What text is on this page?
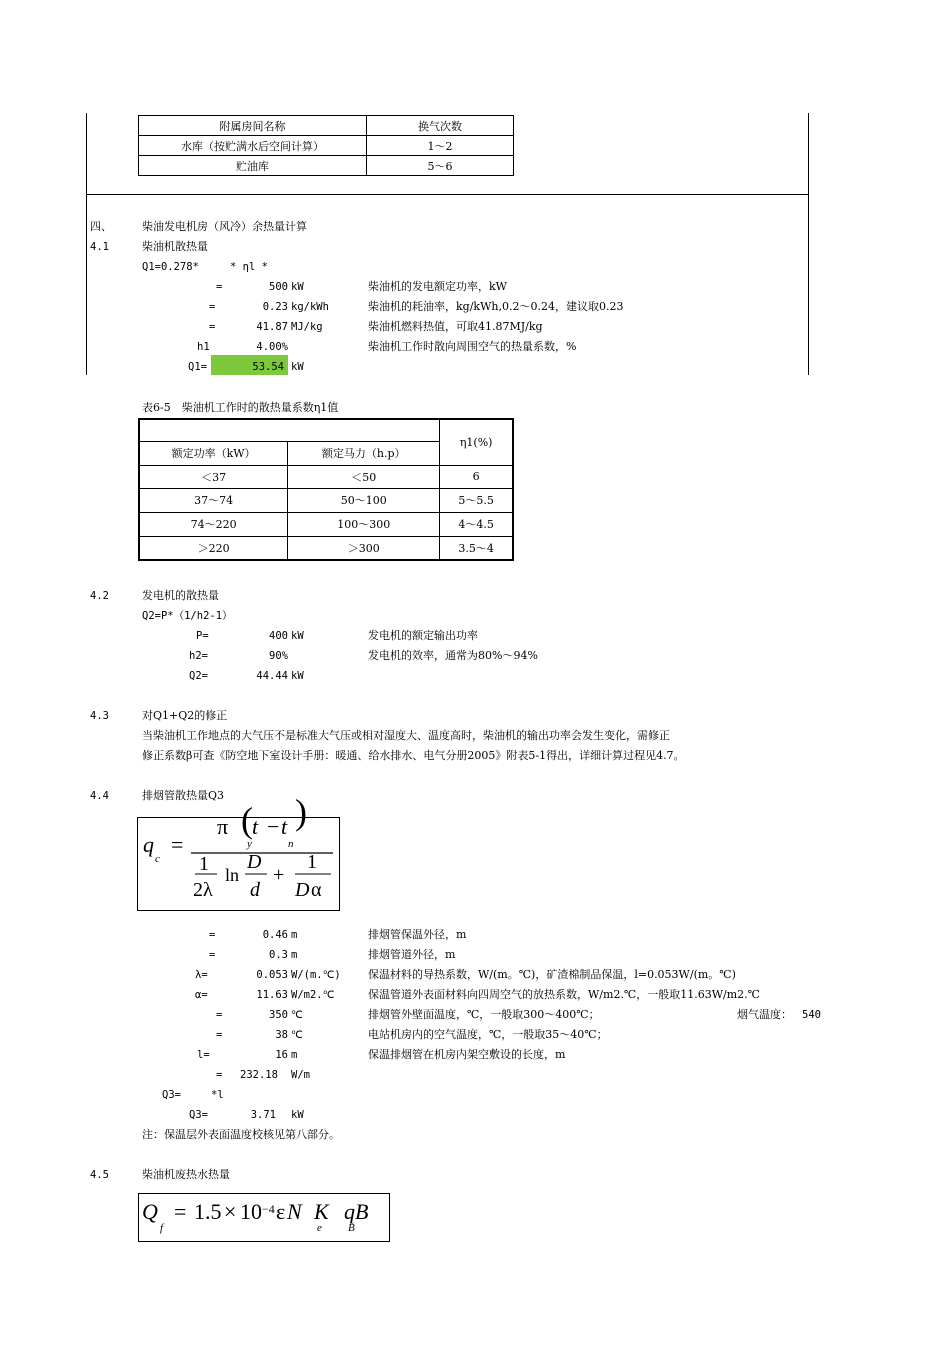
附属房间名称	换气次数
水库（按贮满水后空间计算）	1～2
贮油库	5～6
四、	柴油发电机房（风冷）余热量计算
4.1	柴油机散热量
Q1=0.278*	* ηl *
=	500 kW	柴油机的发电额定功率，kW
=	0.23 kg/kWh	柴油机的耗油率，kg/kWh,0.2～0.24，建议取0.23
=	41.87 MJ/kg	柴油机燃料热值，可取41.87MJ/kg
h1	4.00%	柴油机工作时散向周围空气的热量系数，%
Q1=	53.54 kW
表6-5　柴油机工作时的散热量系数η1值
		η1(%)
额定功率（kW）	额定马力（h.p）	
＜37	＜50	6
37～74	50～100	5～5.5
74～220	100～300	4～4.5
＞220	＞300	3.5～4
4.2	发电机的散热量
Q2=P*（1/h2-1）
P=	400 kW	发电机的额定输出功率
h2=	90%	发电机的效率，通常为80%～94%
Q2=	44.44 kW
4.3	对Q1+Q2的修正
当柴油机工作地点的大气压不是标准大气压或相对湿度大、温度高时，柴油机的输出功率会发生变化，需修正
修正系数β可查《防空地下室设计手册：暖通、给水排水、电气分册2005》附表5-1得出，详细计算过程见4.7。
4.4	排烟管散热量Q3
q
c
=
π ( t − t )
y	n
1
2λ
ln
D
d
+
1
D α
=	0.46 m	排烟管保温外径，m
=	0.3 m	排烟管道外径，m
λ=	0.053 W/(m.℃) 保温材料的导热系数，W/(m。℃)，矿渣棉制品保温，l=0.053W/(m。℃)
α=	11.63 W/m2.℃	保温管道外表面材料向四周空气的放热系数，W/m2.℃，一般取11.63W/m2.℃
=	350 ℃	排烟管外壁面温度，℃，一般取300～400℃；	烟气温度： 540
=	38 ℃	电站机房内的空气温度，℃，一般取35～40℃；
l=	16 m	保温排烟管在机房内架空敷设的长度，m
= 232.18 W/m
Q3=	*l
Q3=	3.71 kW
注：保温层外表面温度校核见第八部分。
4.5	柴油机废热水热量
Q
f
= 1.5 × 10 −4 ε N K
e B
qB
